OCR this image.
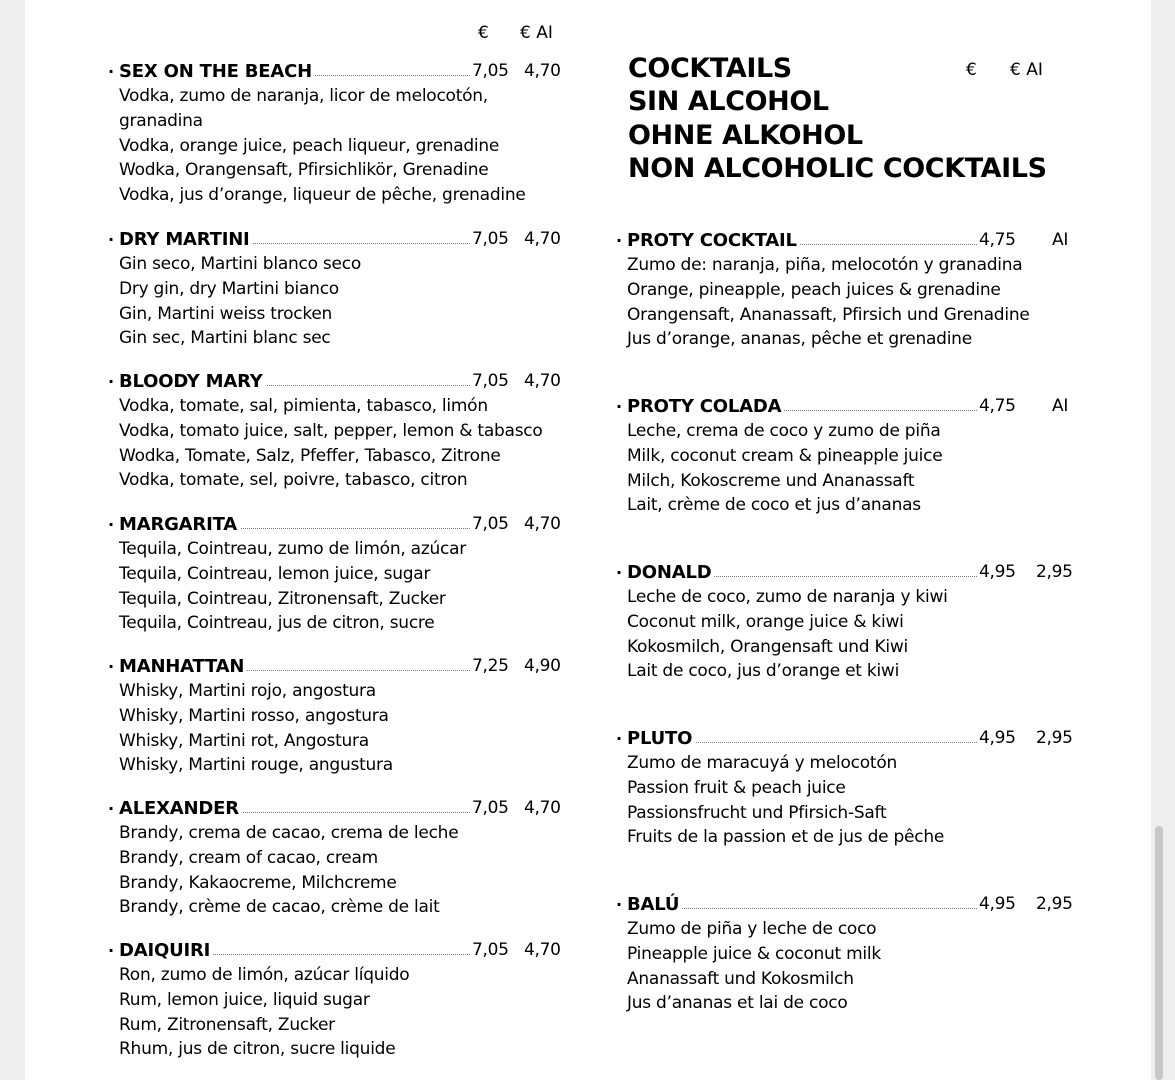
€ € AI
€ € AI
COCKTAILS
SIN ALCOHOL
OHNE ALKOHOL
NON ALCOHOLIC COCKTAILS
· SEX ON THE BEACH	7,05 4,70
Vodka, zumo de naranja, licor de melocotón,
granadina
Vodka, orange juice, peach liqueur, grenadine
Wodka, Orangensaft, Pfirsichlikör, Grenadine
Vodka, jus d’orange, liqueur de pêche, grenadine
· DRY MARTINI	7,05 4,70
Gin seco, Martini blanco seco
Dry gin, dry Martini bianco
Gin, Martini weiss trocken
Gin sec, Martini blanc sec
· BLOODY MARY	7,05 4,70
Vodka, tomate, sal, pimienta, tabasco, limón
Vodka, tomato juice, salt, pepper, lemon & tabasco
Wodka, Tomate, Salz, Pfeffer, Tabasco, Zitrone
Vodka, tomate, sel, poivre, tabasco, citron
· MARGARITA	7,05 4,70
Tequila, Cointreau, zumo de limón, azúcar
Tequila, Cointreau, lemon juice, sugar
Tequila, Cointreau, Zitronensaft, Zucker
Tequila, Cointreau, jus de citron, sucre
· MANHATTAN	7,25 4,90
Whisky, Martini rojo, angostura
Whisky, Martini rosso, angostura
Whisky, Martini rot, Angostura
Whisky, Martini rouge, angustura
· ALEXANDER	7,05 4,70
Brandy, crema de cacao, crema de leche
Brandy, cream of cacao, cream
Brandy, Kakaocreme, Milchcreme
Brandy, crème de cacao, crème de lait
· DAIQUIRI	7,05 4,70
Ron, zumo de limón, azúcar líquido
Rum, lemon juice, liquid sugar
Rum, Zitronensaft, Zucker
Rhum, jus de citron, sucre liquide
· PROTY COCKTAIL	4,75 AI
Zumo de: naranja, piña, melocotón y granadina
Orange, pineapple, peach juices & grenadine
Orangensaft, Ananassaft, Pfirsich und Grenadine
Jus d’orange, ananas, pêche et grenadine
· PROTY COLADA	4,75 AI
Leche, crema de coco y zumo de piña
Milk, coconut cream & pineapple juice
Milch, Kokoscreme und Ananassaft
Lait, crème de coco et jus d’ananas
· DONALD	4,95 2,95
Leche de coco, zumo de naranja y kiwi
Coconut milk, orange juice & kiwi
Kokosmilch, Orangensaft und Kiwi
Lait de coco, jus d’orange et kiwi
· PLUTO	4,95 2,95
Zumo de maracuyá y melocotón
Passion fruit & peach juice
Passionsfrucht und Pfirsich-Saft
Fruits de la passion et de jus de pêche
· BALÚ	4,95 2,95
Zumo de piña y leche de coco
Pineapple juice & coconut milk
Ananassaft und Kokosmilch
Jus d’ananas et lai de coco
